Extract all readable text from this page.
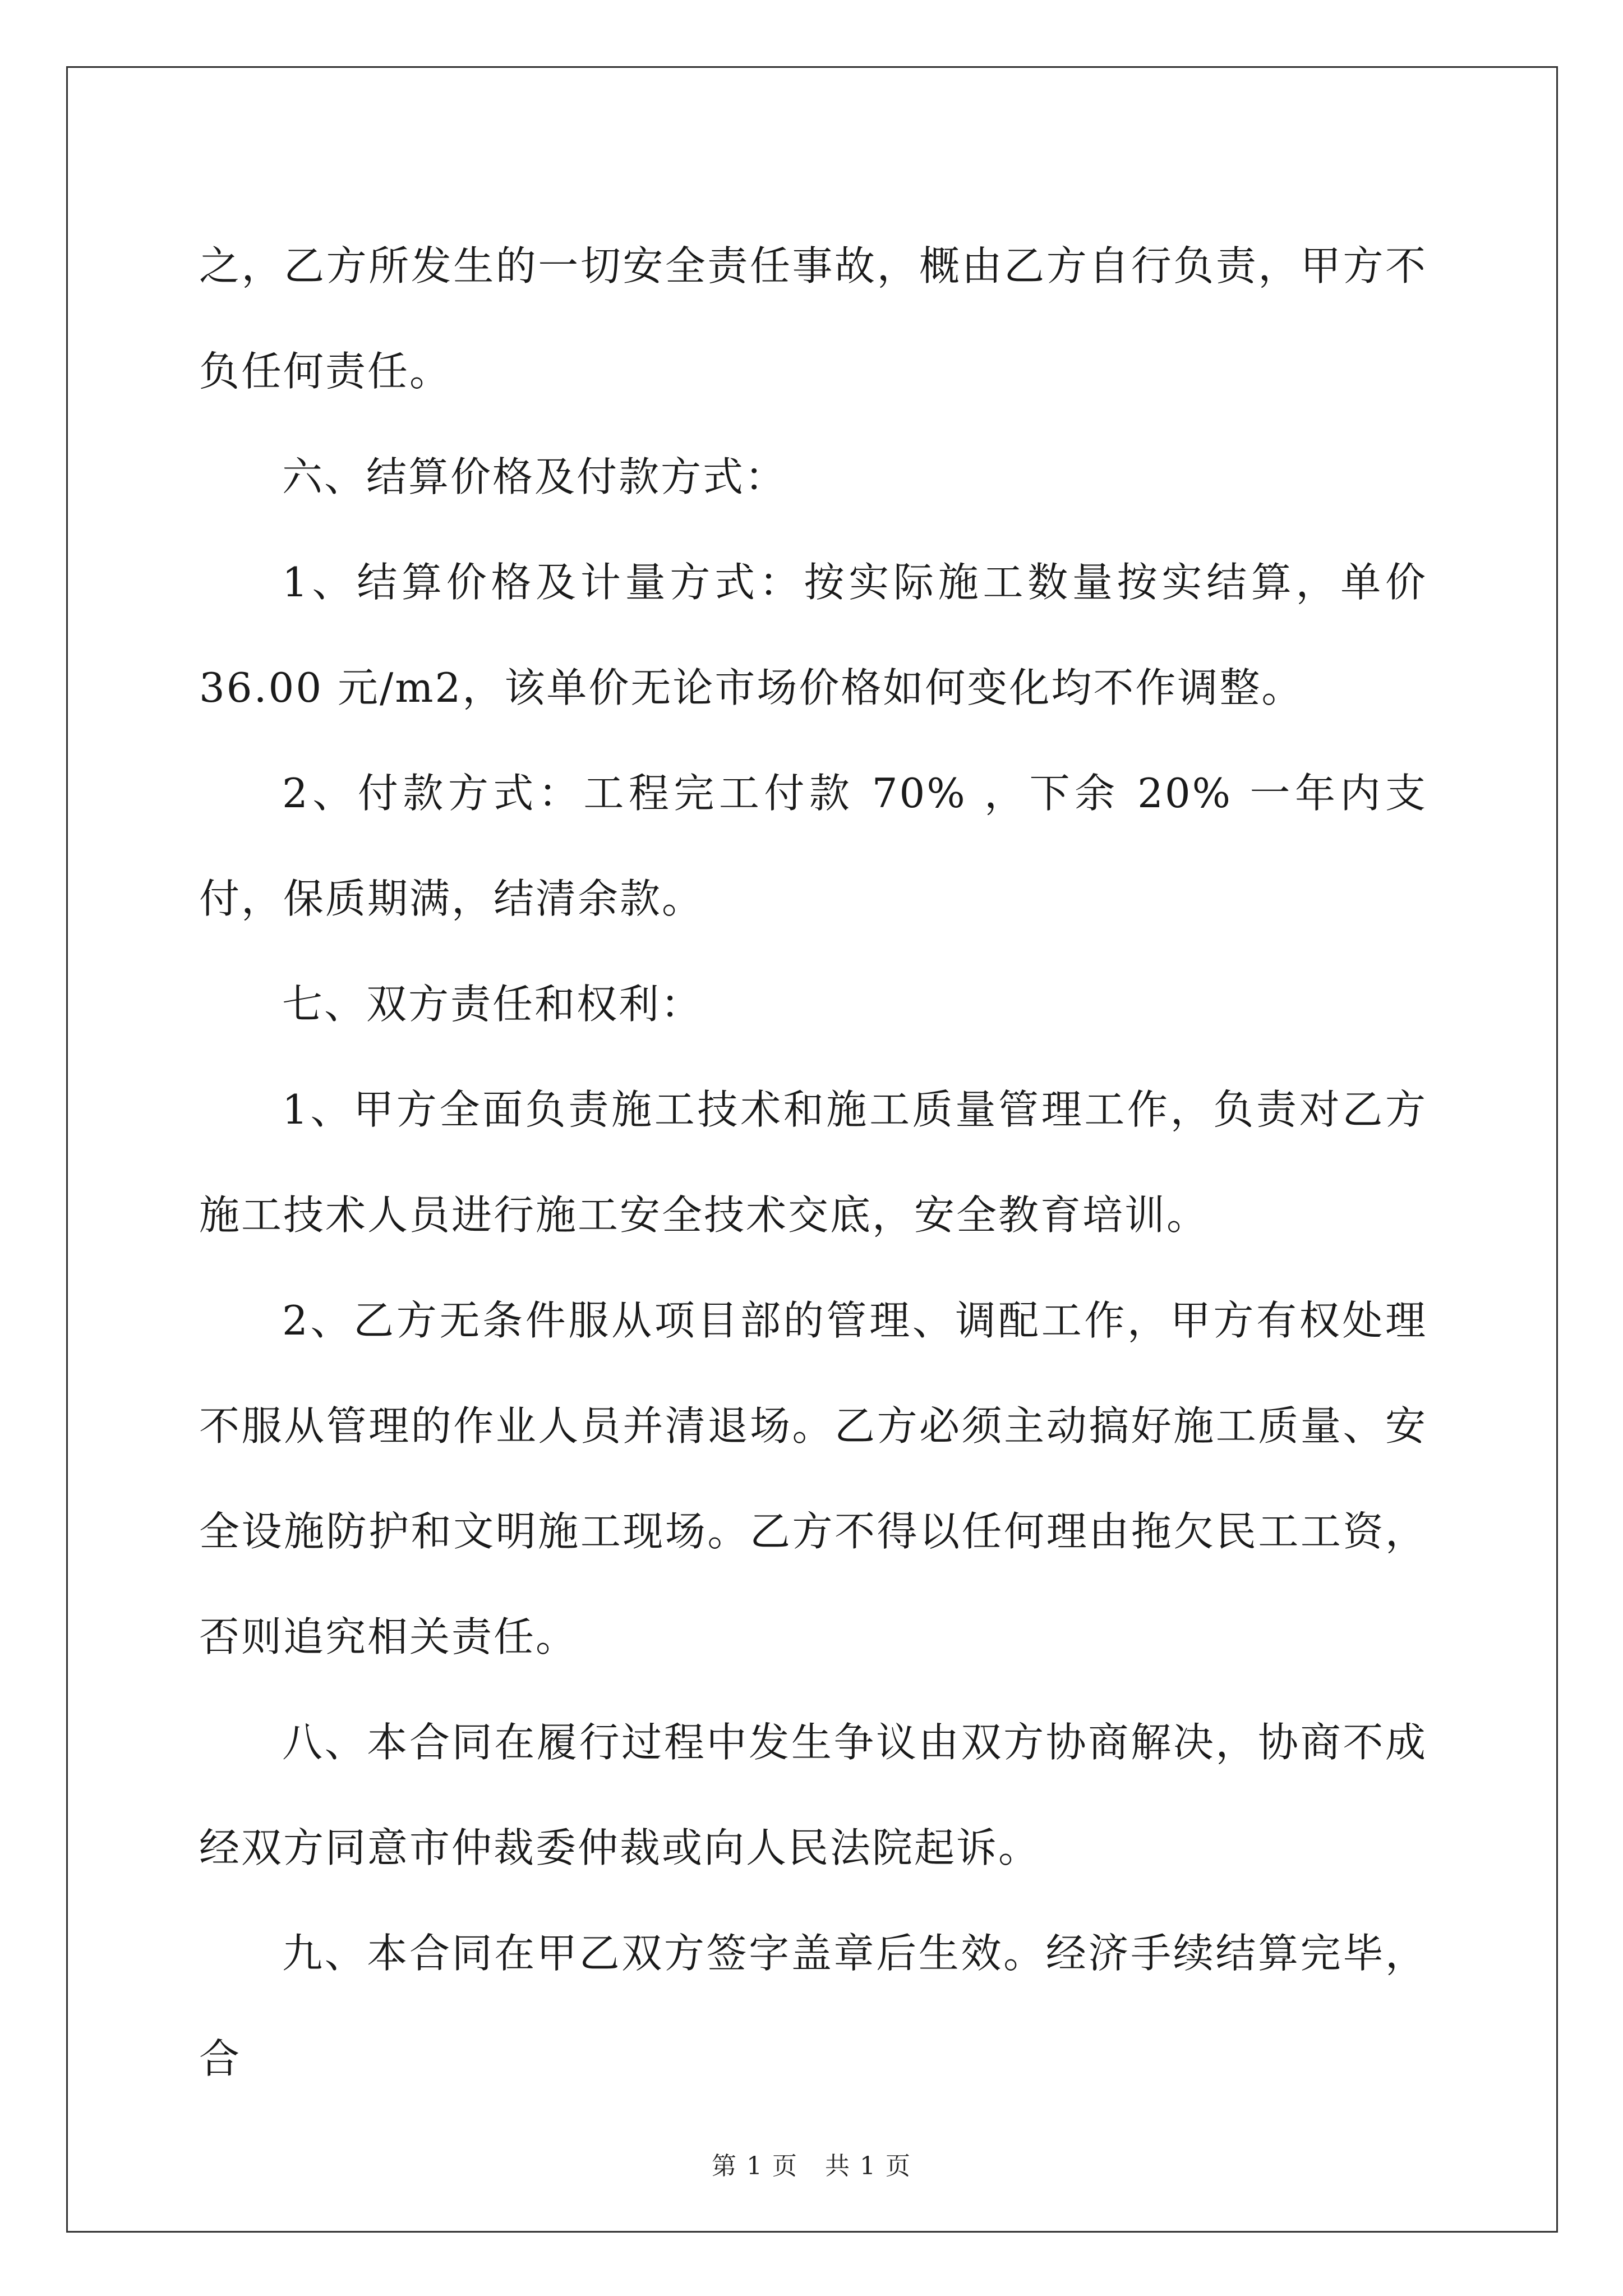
之，乙方所发生的一切安全责任事故，概由乙方自行负责，甲方不负任何责任。

六、结算价格及付款方式：

1、结算价格及计量方式：按实际施工数量按实结算，单价 36.00 元/m2，该单价无论市场价格如何变化均不作调整。

2、付款方式：工程完工付款 70% ，下余 20% 一年内支付，保质期满，结清余款。

七、双方责任和权利：

1、甲方全面负责施工技术和施工质量管理工作，负责对乙方施工技术人员进行施工安全技术交底，安全教育培训。

2、乙方无条件服从项目部的管理、调配工作，甲方有权处理不服从管理的作业人员并清退场。乙方必须主动搞好施工质量、安全设施防护和文明施工现场。乙方不得以任何理由拖欠民工工资，否则追究相关责任。

八、本合同在履行过程中发生争议由双方协商解决，协商不成经双方同意市仲裁委仲裁或向人民法院起诉。

九、本合同在甲乙双方签字盖章后生效。经济手续结算完毕，合

第 1 页 共 1 页
